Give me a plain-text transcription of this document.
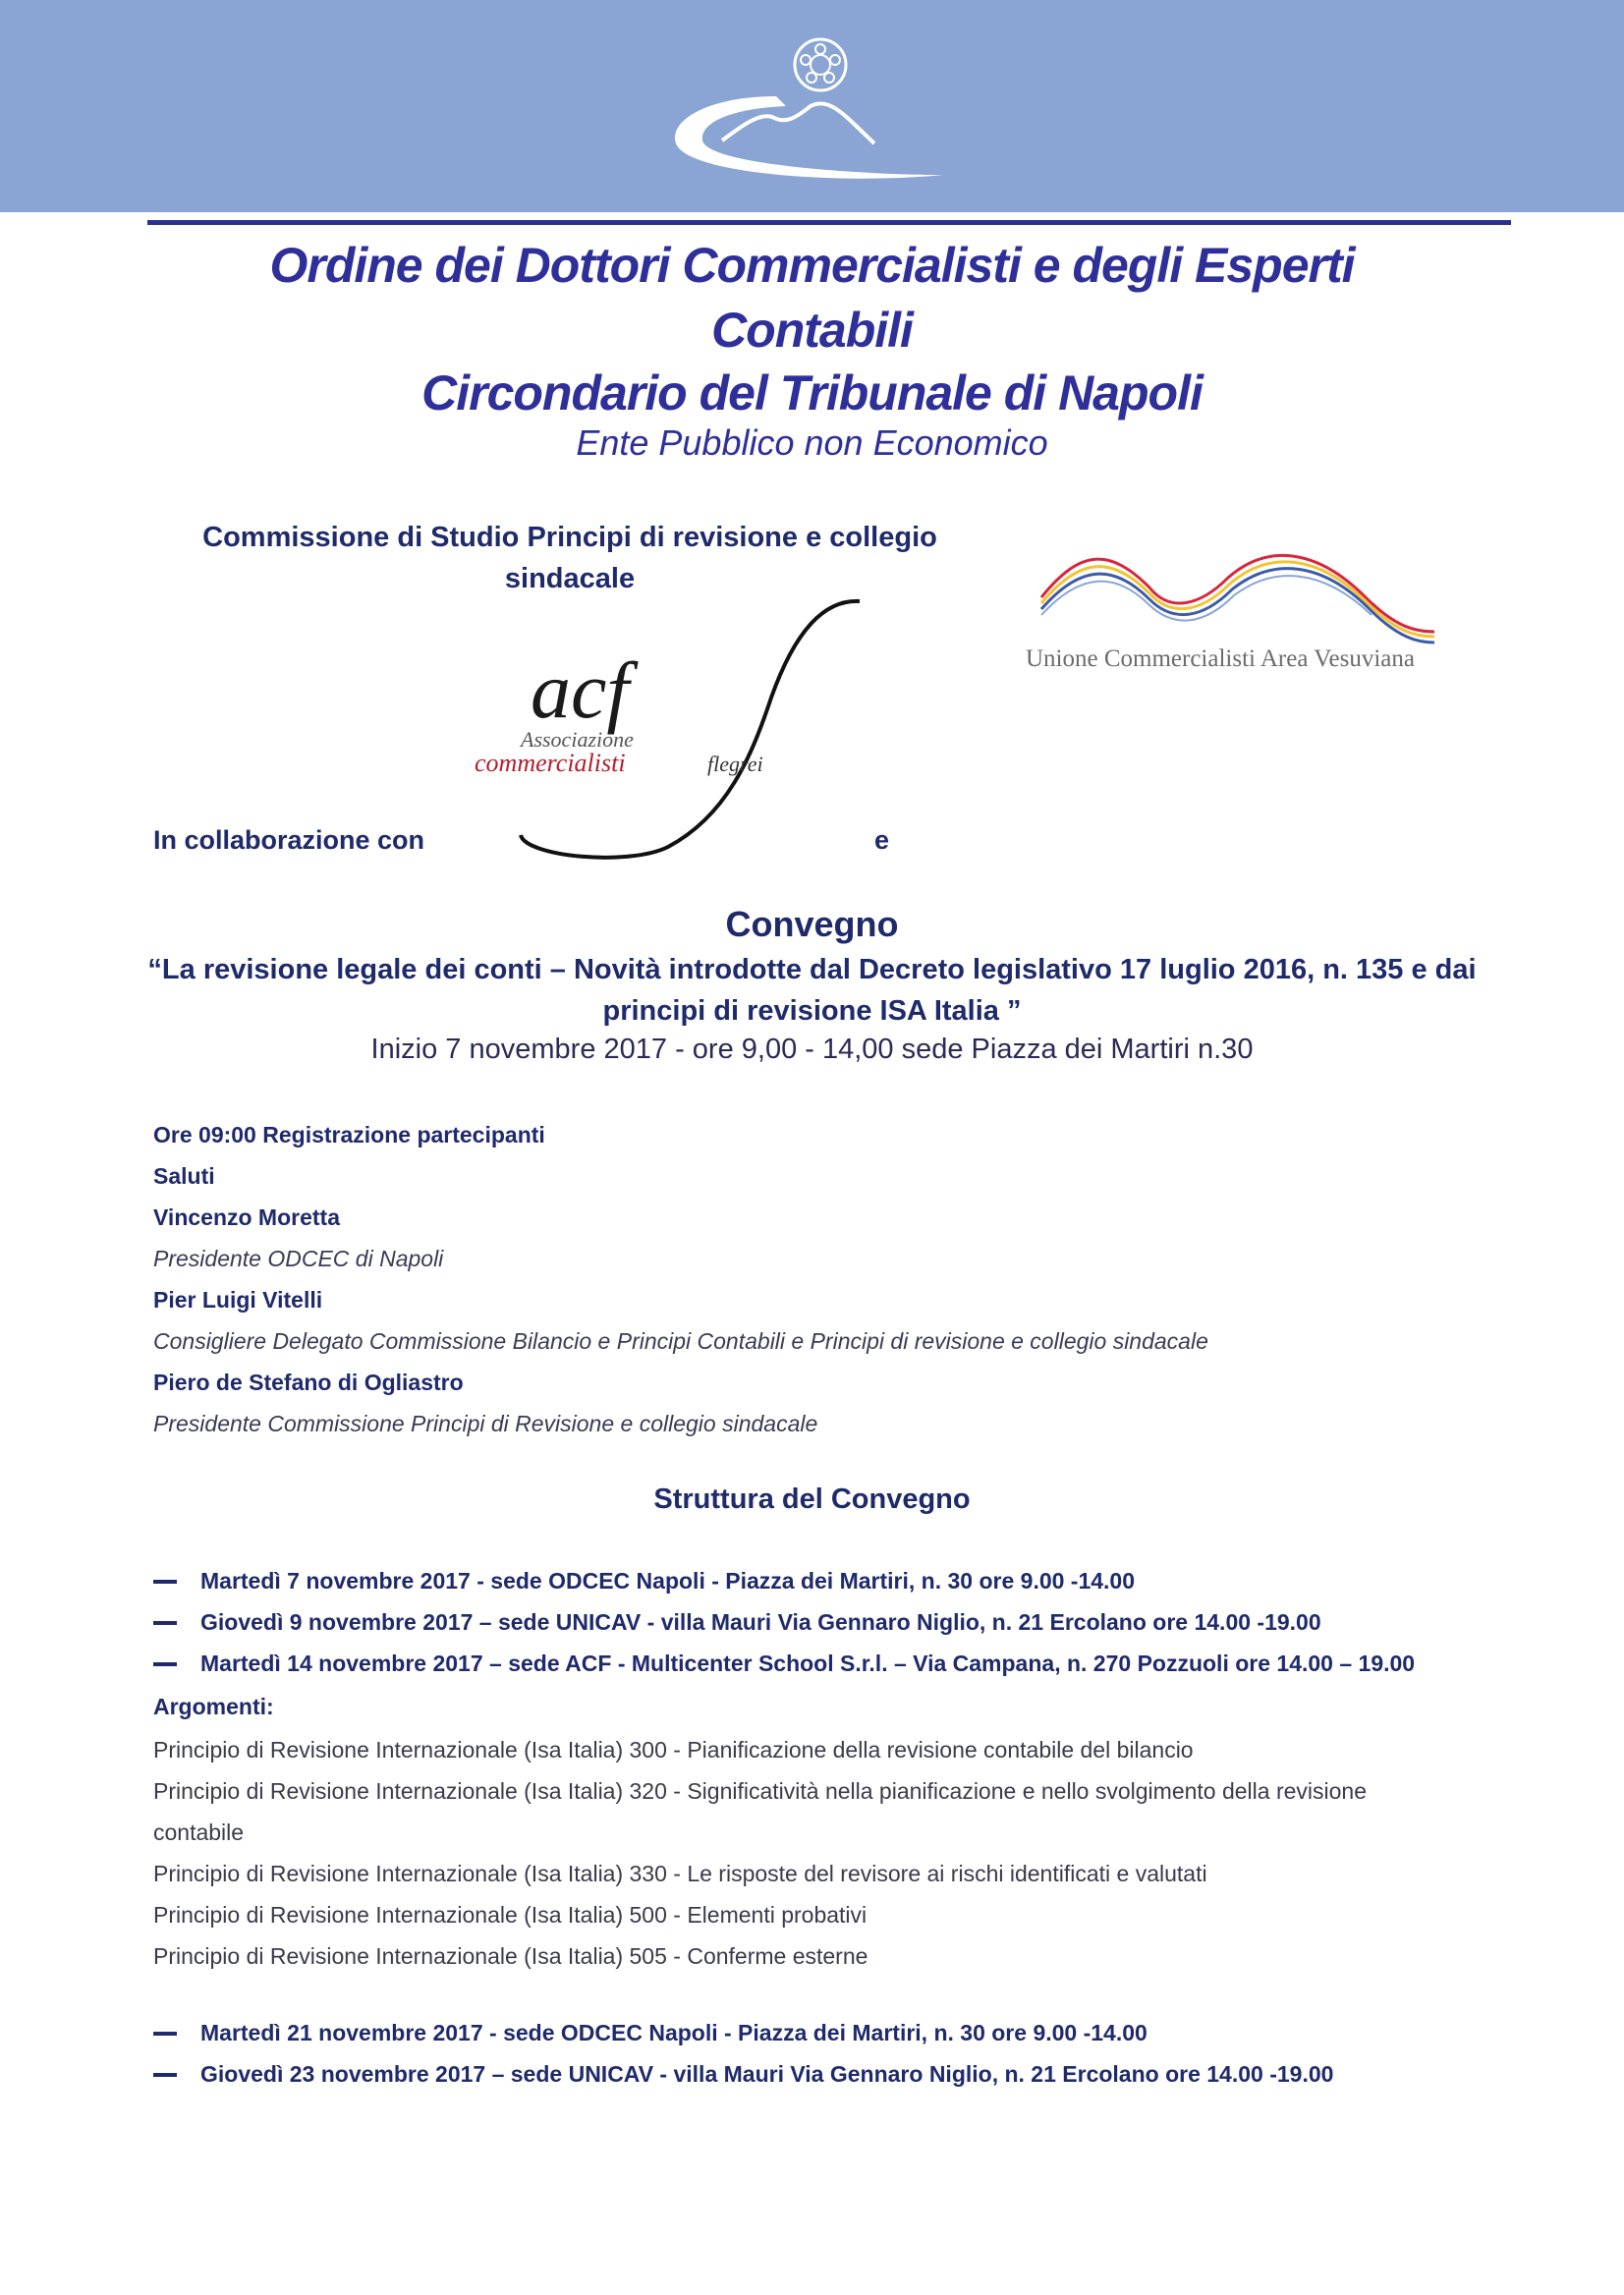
Ordine dei Dottori Commercialisti e degli Esperti
Contabili
Circondario del Tribunale di Napoli
Ente Pubblico non Economico
Commissione di Studio Principi di revisione e collegio
sindacale
acf
Associazione
commercialisti	flegrei
Unione Commercialisti Area Vesuviana
In collaborazione con	e
Convegno
“La revisione legale dei conti – Novità introdotte dal Decreto legislativo 17 luglio 2016, n. 135 e dai
principi di revisione ISA Italia ”
Inizio 7 novembre 2017 - ore 9,00 - 14,00 sede Piazza dei Martiri n.30
Ore 09:00 Registrazione partecipanti
Saluti
Vincenzo Moretta
Presidente ODCEC di Napoli
Pier Luigi Vitelli
Consigliere Delegato Commissione Bilancio e Principi Contabili e Principi di revisione e collegio sindacale
Piero de Stefano di Ogliastro
Presidente Commissione Principi di Revisione e collegio sindacale
Struttura del Convegno
Martedì 7 novembre 2017 - sede ODCEC Napoli - Piazza dei Martiri, n. 30 ore 9.00 -14.00
Giovedì 9 novembre 2017 – sede UNICAV - villa Mauri Via Gennaro Niglio, n. 21 Ercolano ore 14.00 -19.00
Martedì 14 novembre 2017 – sede ACF - Multicenter School S.r.l. – Via Campana, n. 270 Pozzuoli ore 14.00 – 19.00
Argomenti:
Principio di Revisione Internazionale (Isa Italia) 300 - Pianificazione della revisione contabile del bilancio
Principio di Revisione Internazionale (Isa Italia) 320 - Significatività nella pianificazione e nello svolgimento della revisione contabile
Principio di Revisione Internazionale (Isa Italia) 330 - Le risposte del revisore ai rischi identificati e valutati
Principio di Revisione Internazionale (Isa Italia) 500 - Elementi probativi
Principio di Revisione Internazionale (Isa Italia) 505 - Conferme esterne
Martedì 21 novembre 2017 - sede ODCEC Napoli - Piazza dei Martiri, n. 30 ore 9.00 -14.00
Giovedì 23 novembre 2017 – sede UNICAV - villa Mauri Via Gennaro Niglio, n. 21 Ercolano ore 14.00 -19.00
